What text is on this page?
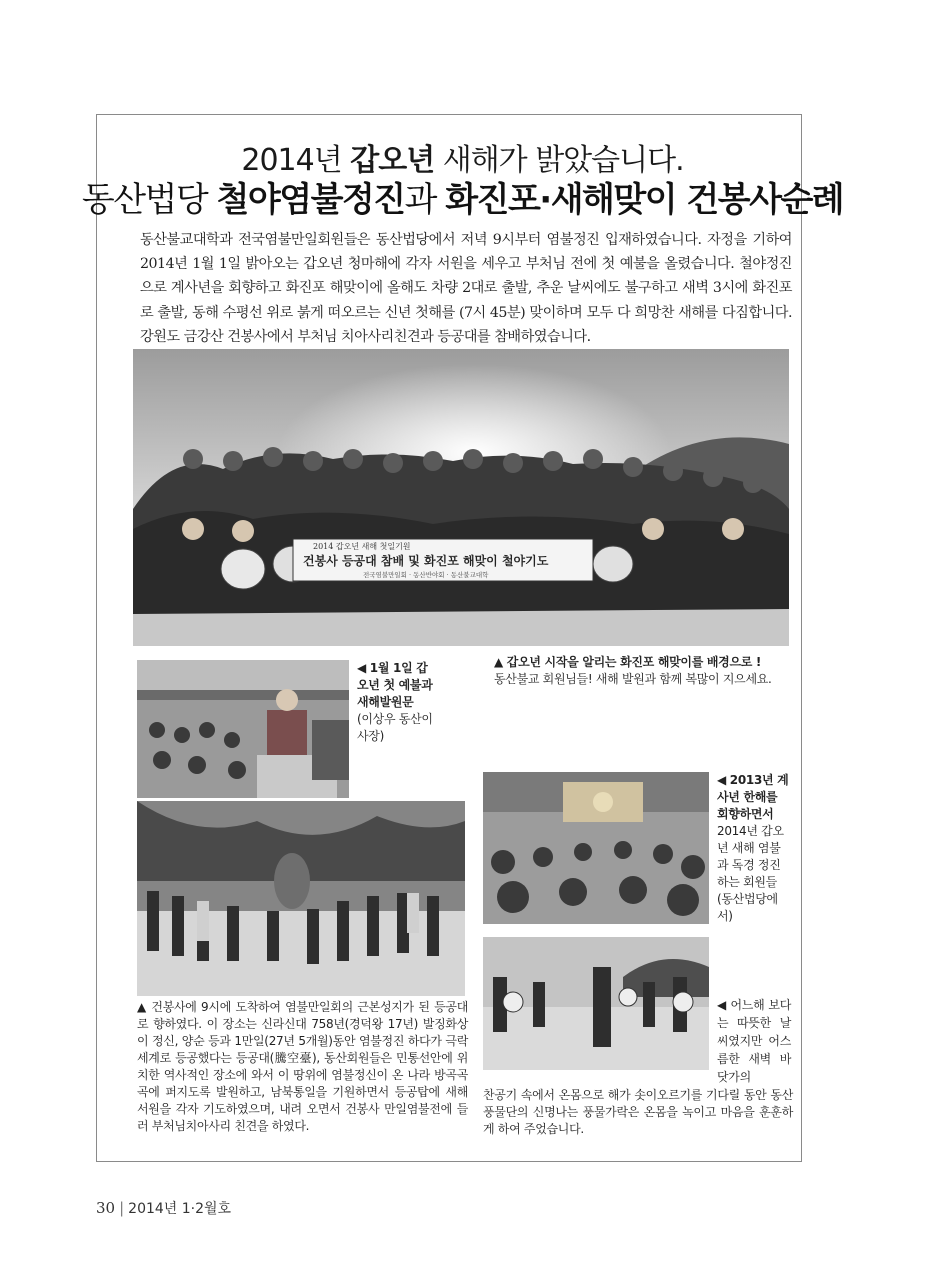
2014년 갑오년 새해가 밝았습니다.
동산법당 철야염불정진과 화진포·새해맞이 건봉사순례
동산불교대학과 전국염불만일회원들은 동산법당에서 저녁 9시부터 염불정진 입재하였습니다. 자정을 기하여 2014년 1월 1일 밝아오는 갑오년 청마해에 각자 서원을 세우고 부처님 전에 첫 예불을 올렸습니다. 철야정진으로 계사년을 회향하고 화진포 해맞이에 올해도 차량 2대로 출발, 추운 날씨에도 불구하고 새벽 3시에 화진포로 출발, 동해 수평선 위로 붉게 떠오르는 신년 첫해를 (7시 45분) 맞이하며 모두 다 희망찬 새해를 다짐합니다. 강원도 금강산 건봉사에서 부처님 치아사리친견과 등공대를 참배하였습니다.
2014 갑오년 새해 첫일기원
건봉사 등공대 참배 및 화진포 해맞이 철야기도
전국염불만일회 · 동산반야회 · 동산불교대학
▲ 갑오년 시작을 알리는 화진포 해맞이를 배경으로 !
동산불교 회원님들! 새해 발원과 함께 복많이 지으세요.
◀ 1월 1일 갑오년 첫 예불과 새해발원문
(이상우 동산이사장)
▲ 건봉사에 9시에 도착하여 염불만일회의 근본성지가 된 등공대로 향하였다. 이 장소는 신라신대 758년(경덕왕 17년) 발징화상이 정신, 양순 등과 1만일(27년 5개월)동안 염불정진 하다가 극락세계로 등공했다는 등공대(騰空臺), 동산회원들은 민통선안에 위치한 역사적인 장소에 와서 이 땅위에 염불정신이 온 나라 방곡곡곡에 퍼지도록 발원하고, 남북통일을 기원하면서 등공탑에 새해 서원을 각자 기도하였으며, 내려 오면서 건봉사 만일염불전에 들러 부처님치아사리 친견을 하였다.
◀ 2013년 계사년 한해를 회향하면서
2014년 갑오년 새해 염불과 독경 정진하는 회원들 (동산법당에서)
◀ 어느해 보다는 따뜻한 날씨였지만 어스름한 새벽 바닷가의
찬공기 속에서 온몸으로 해가 솟이오르기를 기다릴 동안 동산풍물단의 신명나는 풍물가락은 온몸을 녹이고 마음을 훈훈하게 하여 주었습니다.
30 | 2014년 1·2월호
